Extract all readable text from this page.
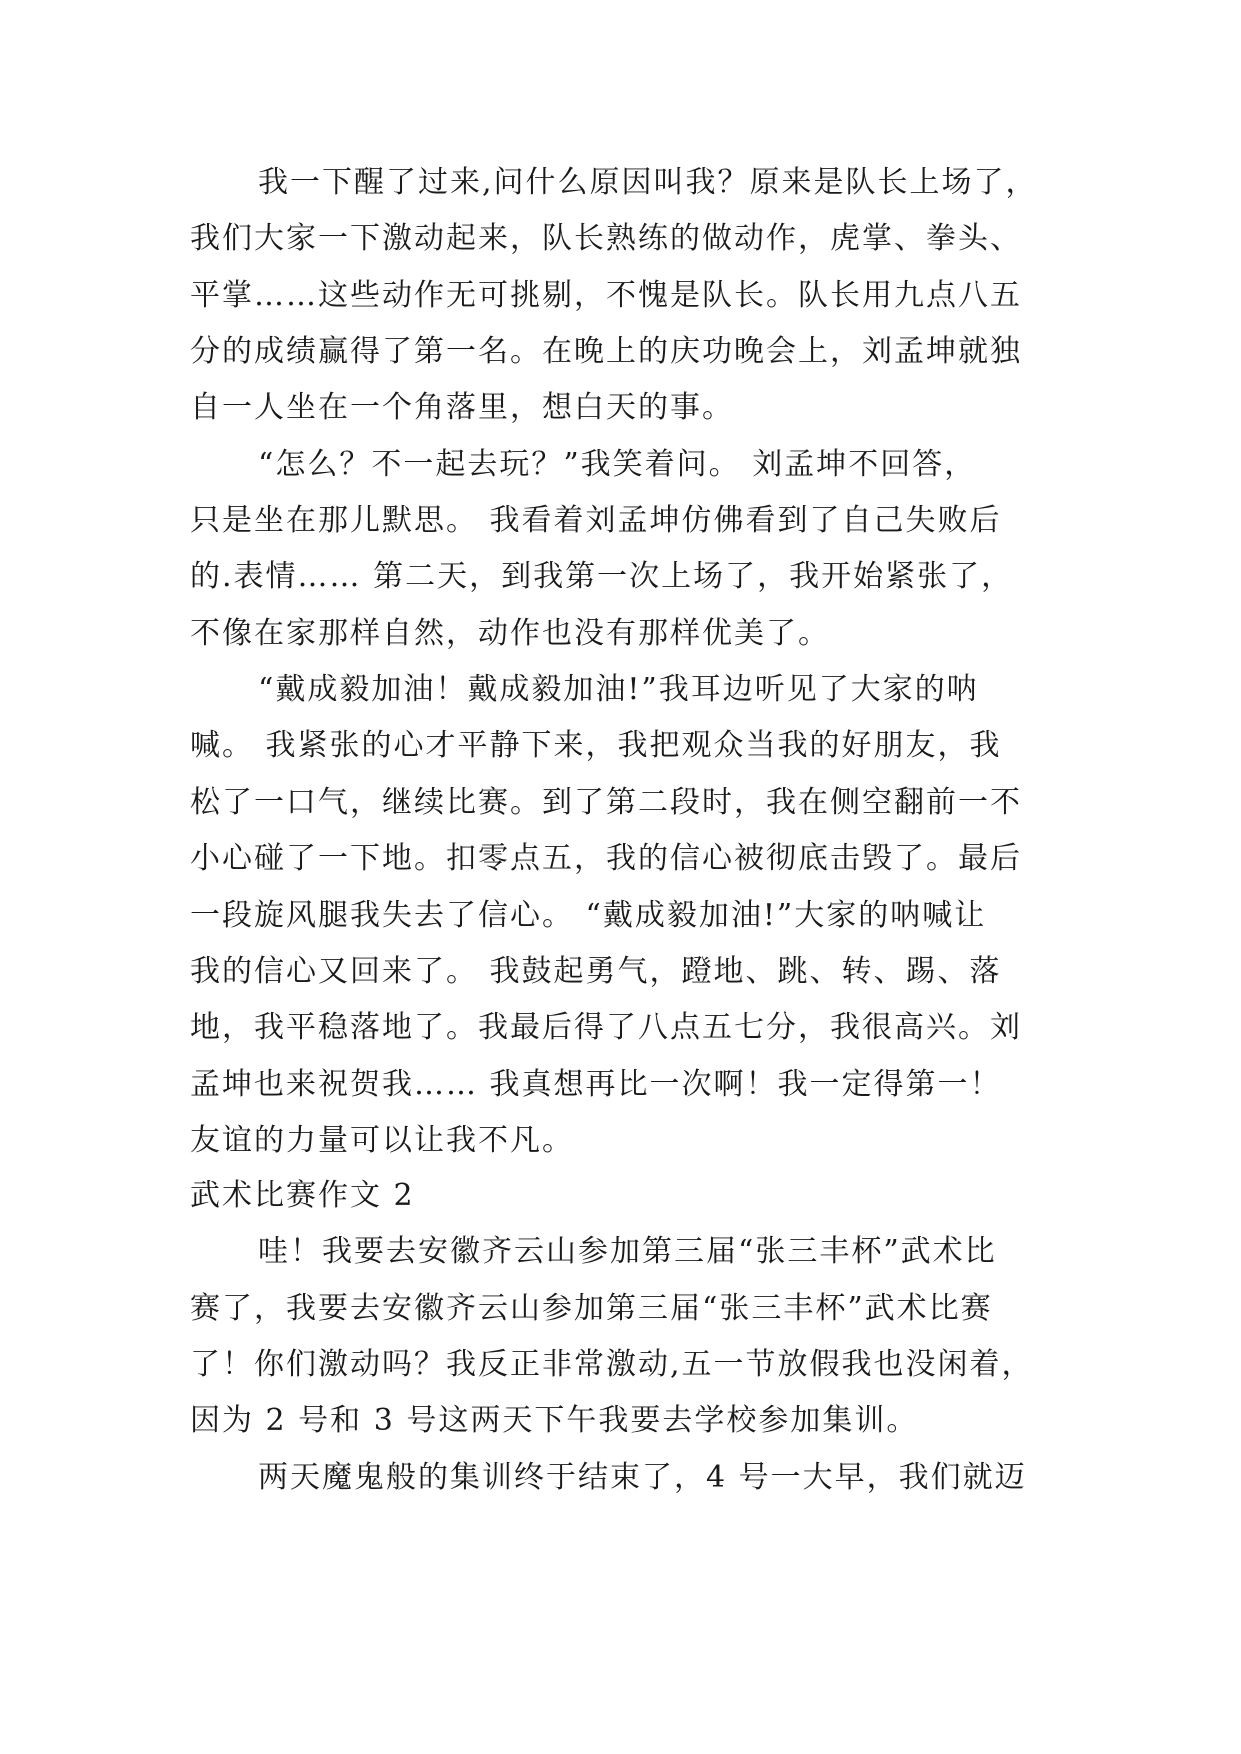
我一下醒了过来,问什么原因叫我？原来是队长上场了，
我们大家一下激动起来，队长熟练的做动作，虎掌、拳头、
平掌……这些动作无可挑剔，不愧是队长。队长用九点八五
分的成绩赢得了第一名。在晚上的庆功晚会上，刘孟坤就独
自一人坐在一个角落里，想白天的事。
“怎么？不一起去玩？”我笑着问。 刘孟坤不回答，
只是坐在那儿默思。 我看着刘孟坤仿佛看到了自己失败后
的.表情…… 第二天，到我第一次上场了，我开始紧张了，
不像在家那样自然，动作也没有那样优美了。
“戴成毅加油！戴成毅加油!”我耳边听见了大家的呐
喊。 我紧张的心才平静下来，我把观众当我的好朋友，我
松了一口气，继续比赛。到了第二段时，我在侧空翻前一不
小心碰了一下地。扣零点五，我的信心被彻底击毁了。最后
一段旋风腿我失去了信心。 “戴成毅加油!”大家的呐喊让
我的信心又回来了。 我鼓起勇气，蹬地、跳、转、踢、落
地，我平稳落地了。我最后得了八点五七分，我很高兴。刘
孟坤也来祝贺我…… 我真想再比一次啊！我一定得第一！
友谊的力量可以让我不凡。
武术比赛作文 2
哇！我要去安徽齐云山参加第三届“张三丰杯”武术比
赛了，我要去安徽齐云山参加第三届“张三丰杯”武术比赛
了！你们激动吗？我反正非常激动,五一节放假我也没闲着，
因为 2 号和 3 号这两天下午我要去学校参加集训。
两天魔鬼般的集训终于结束了，4 号一大早，我们就迈
